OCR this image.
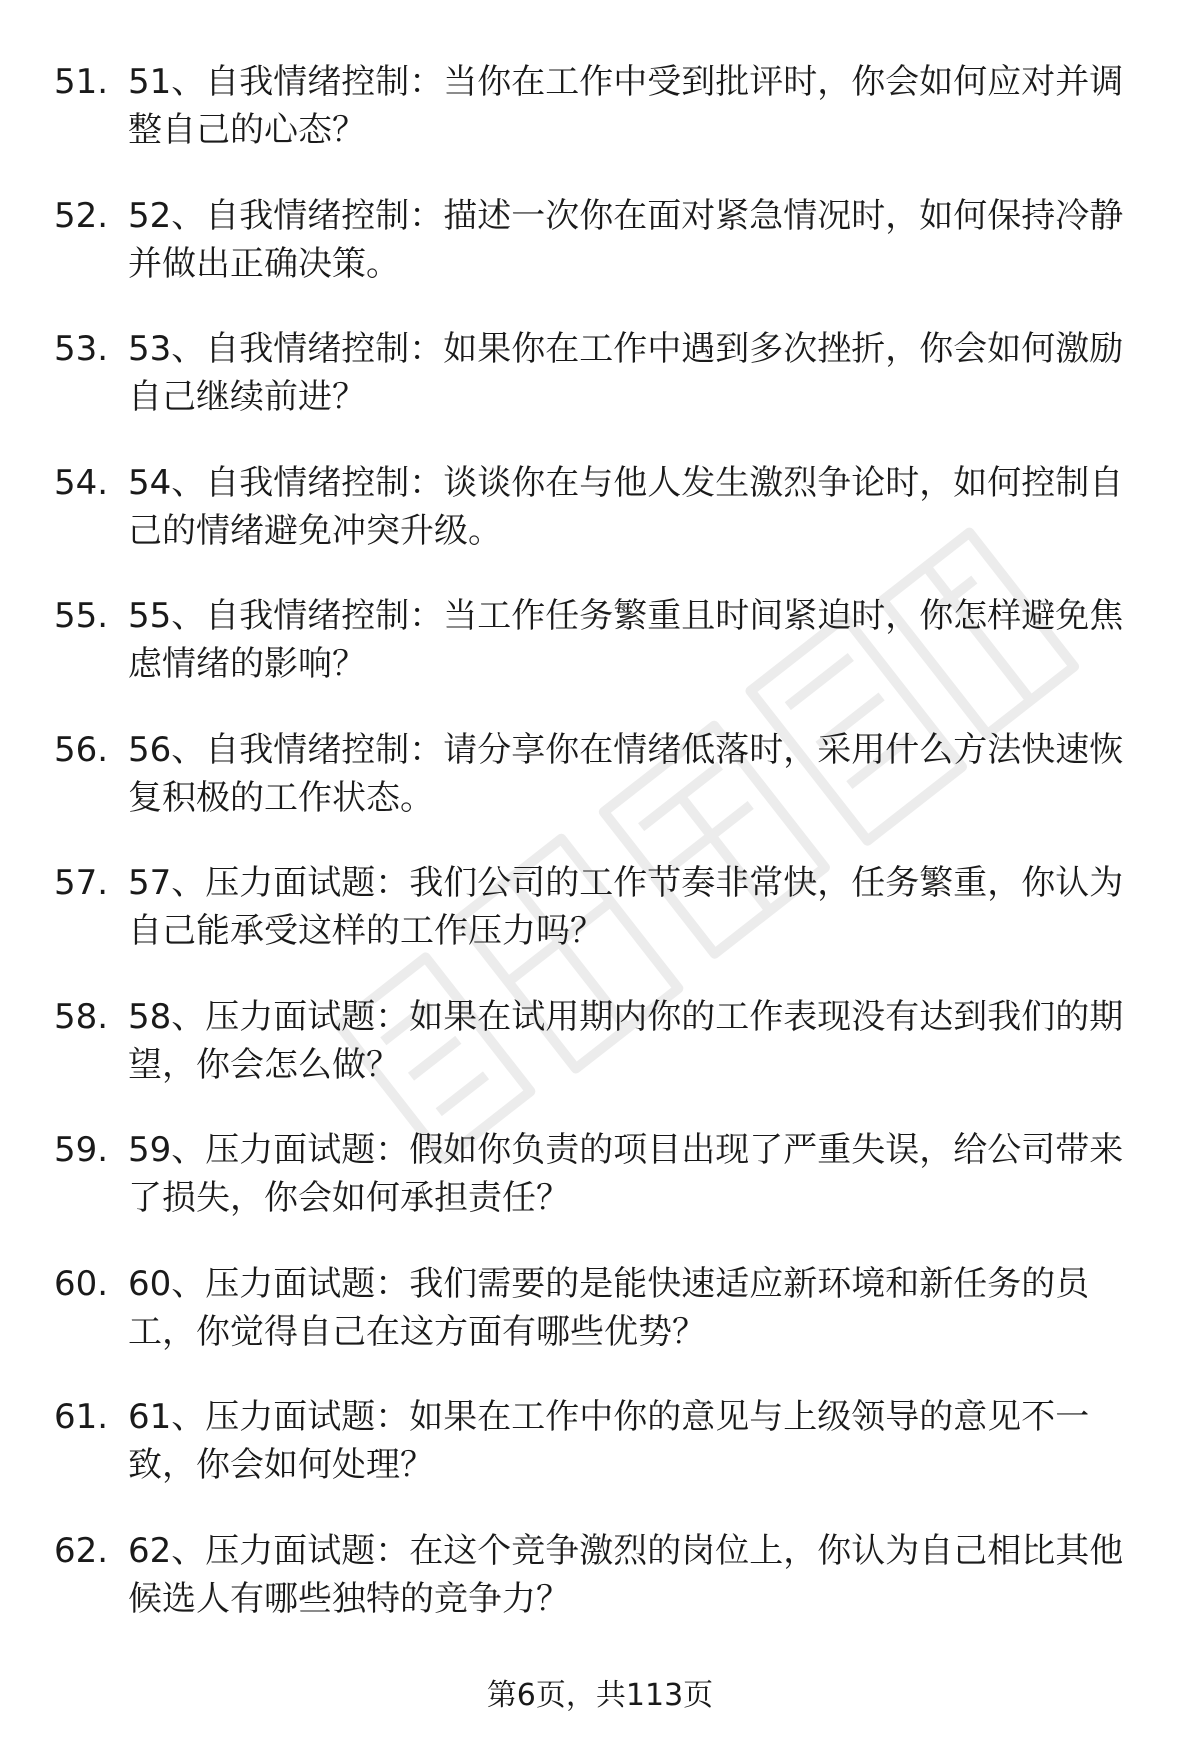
51. 51、自我情绪控制：当你在工作中受到批评时，你会如何应对并调整自己的心态？
52. 52、自我情绪控制：描述一次你在面对紧急情况时，如何保持冷静并做出正确决策。
53. 53、自我情绪控制：如果你在工作中遇到多次挫折，你会如何激励自己继续前进？
54. 54、自我情绪控制：谈谈你在与他人发生激烈争论时，如何控制自己的情绪避免冲突升级。
55. 55、自我情绪控制：当工作任务繁重且时间紧迫时，你怎样避免焦虑情绪的影响？
56. 56、自我情绪控制：请分享你在情绪低落时，采用什么方法快速恢复积极的工作状态。
57. 57、压力面试题：我们公司的工作节奏非常快，任务繁重，你认为自己能承受这样的工作压力吗？
58. 58、压力面试题：如果在试用期内你的工作表现没有达到我们的期望，你会怎么做？
59. 59、压力面试题：假如你负责的项目出现了严重失误，给公司带来了损失，你会如何承担责任？
60. 60、压力面试题：我们需要的是能快速适应新环境和新任务的员工，你觉得自己在这方面有哪些优势？
61. 61、压力面试题：如果在工作中你的意见与上级领导的意见不一致，你会如何处理？
62. 62、压力面试题：在这个竞争激烈的岗位上，你认为自己相比其他候选人有哪些独特的竞争力？
第6页，共113页
